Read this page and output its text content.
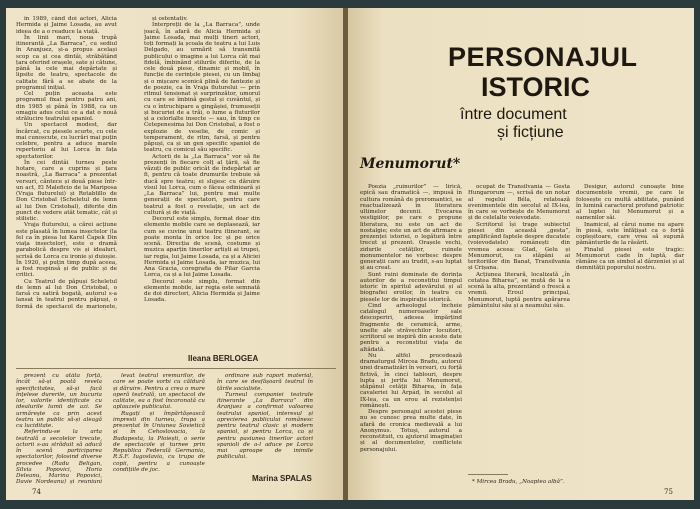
în 1989, când doi actori, Alicia Hermida și Jaime Losada, au avut ideea de a o readuce la viață.

În linii mari, noua trupă itinerantă „La Barraca”, cu sediul în Aranjuez, și-a propus același scop ca și cea dintâi, străbătând țara oferind orașele, sate și cătune, până la cele mai depărtate și lipsite de teatru, spectacole de calitate fără a se abate de la programul inițial.

Cel puțin aceasta este programul fixat pentru patru ani, din 1985 și până în 1988, ca un omagiu adus celui ce a dat o nouă strălucire teatrului spaniol.

Un spectacol modest, dar încărcat, cu piesele scurte, cu cele mai cunoscute, cu lucrări mai puțin celebre, pentru a aduce marele repertoriu al lui Lorca în fața spectatorilor.

În cei dintâi turneu peste hotare, care a cuprins și țara noastră, „La Barraca” a prezentat versuri, cântece și două piese într-un act, El Maleficio de la Mariposa (Vraja fluturelui) și Retablillo de Don Cristobal (Scheletul de lemn al lui Don Cristobal), diferite din punct de vedere atât tematic, cât și stilistic.

Vraja fluturelui, a cărei acțiune este plasată în lumea insectelor (la fel ca în piesa lui Karel Čapek Din viața insectelor), este o dramă parabolică despre vis și idealuri, scrisă de Lorca cu ironie și duioșie. În 1920, și puțin timp după aceea, a fost respinsă și de public și de critici.

Cu Teatrul de păpuși Scheletul de lemn al lui Don Cristobal, o farsă cu satiră bogată, autorul s-a lansat în teatrul pentru păpuși, o formă de spectacol de marionete,

și ostentativ.

Interpreții de la „La Barraca”, unde joacă, în afară de Alicia Hermida și Jaime Losada, mai mulți tineri actori, toți formați la școala de teatru a lui Luis Delgado, au urmărit să transmită publicului o imagine a lui Lorca cât mai fidelă, îmbinând stilurile diferite, de la cele două piese, dinamic și mobil, în funcție de cerințele piesei, cu un limbaj și o mișcare scenică plină de fantezie și de poezie, ca în Vraja fluturelui — prin ritmul tensionat și surprinzător, umorul cu care se îmbină gestul și cuvântul, și cu o întruchipare a gingășiei, frumuseții și bucuriei de a trăi, o lume a fluturilor și a celorlalte insecte — sau, în timp ce Cetepenesima lui Don Cristobal, a fost o explozie de veselie, de comic și temperament, de ritm, farsă, și pentru păpuși, ca și un gen specific spaniol de teatru, cu comicul său specific.

Actorii de la „La Barraca” vor să fie prezenți în fiecare colț al țării, să fie văzuți de public oricât de îndepărtat ar fi, pentru că toate drumurile trebuie să ducă spre teatru; ei slujesc cu dăruire visul lui Lorca, cum o făcea odinioară și „La Barraca” lui, pentru mai multe generații de spectatori, pentru care teatrul a fost o revelație, un act de cultură și de viață.

Decorul este simplu, format doar din elemente mobile care se deplasează, iar cum se cuvine unui teatru itinerant, se poate monta în orice loc și pe orice scenă. Direcția de scenă, costume și muzica aparțin tinerilor artiști ai trupei, iar regia, lui Jaime Losada, ca și a Aliciei Hermida și Jaime Losada, iar muzica, lui Ana Gracia, coregrafia de Pilar Garcia Lorca, ca și a lui Jaime Losada.

Decorul este simplu, format din elemente mobile, iar regia este semnată de doi directori, Alicia Hermida și Jaime Losada.

Ileana BERLOGEA

prezent cu atâta forță, încât să-și poată revela specificitatea, să-și facă înțelese durerile, un bucuria lor, valorile identificate cu idealurile lumii de azi. Se urmărește ca prin acest teatru un public să-și aleagă cu luciditate.

Referindu-se la arta teatrală a secolelor trecute, actorii s-au străduit să aducă în scenă participarea spectatorilor, folosind diverse procedee (Radu Beligan, Silvia Popovici, Horia Deleanu, Marina Popovici, Davie Nordeanu) și reuniuni

levat teatrul vremurilor, de care se poate vorbi cu căldură și dăruire. Pentru a crea o mare operă teatrală, un spectacol de calitate, ea a fost încoronată cu aplauzele publicului.

Rugați și împărtășească impresii din turneu, trupa a prezentat în Uniunea Sovietică și în Cehoslovacia, la Budapesta, la Ploiești, o serie de spectacole și turnee prin Republica Federală Germania, R.S.F. Iugoslavia, cu trupa de copii, pentru a cunoaște condițiile de joc.

ordinare sub raport material, în care se desfășoară teatrul în țările socialiste.

Turneul companiei teatrale itinerante „La Barraca” din Aranjuez a confirmat valoarea teatrului spaniol, interesul și aprecierea publicului românesc pentru teatrul clasic și modern spaniol, și pentru Lorca, ca și pentru pasiunea tinerilor actori spanioli de a-l aduce pe Lorca mai aproape de inimile publicului.

Marina SPALAS
74
PERSONAJUL
ISTORIC
între document
și ficțiune
Menumorut*

Poezia „ruinurilor” — lirică, epică sau dramatică —, impusă în cultura română de preromantici, se reactualizează în literatura ultimelor decenii. Evocarea vestigiilor, pe care o propune literatura, nu este un act de nostalgie; este un act de afirmare a prezenței istoriei, o legătură între trecut și prezent. Orașele vechi, zidurile cetăților, ruinele monumentelor ne vorbesc despre generații care au trudit, s-au luptat și au creat.

Sunt ruini dominate de dorința autorilor de a reconstitui timpul istoric în spiritul adevărului și al biografiei eroilor, în teatru cu piesele lor de inspirație istorică.

Cind arheologul încheie catalogul numeroaselor sale descoperiri, adesea împărțind fragmente de ceramică, arme, unelte ale străvechilor locuitori, scriitorul se inspiră din aceste date pentru a reconstitui viața de altădată.

Nu altfel procedează dramaturgul Mircea Bradu, autorul unei dramatizări în versuri, cu forță fictivă, în cinci tablouri, despre lupta și jertfa lui Menumorut, stăpânul cetății Biharea, în fața cavaleriei lui Árpád, în secolul al IX-lea, ca un erou al rezistenței românești.

Despre personajul acestei piese nu se cunosc prea multe date, în afară de cronica medievală a lui Anonymus. Totuși, autorul a reconstituit, cu ajutorul imaginației și al documentelor, conflictele personajului.

ocupat de Transilvania — Gesta Hungarorum —, scrisă de un notar al regelui Béla, relatează evenimentele din secolul al IX-lea, în care se vorbește de Menumorut și de celelalte voievodate.

Scriitorul își trage subiectul piesei din această „gesta”, amplificând faptele despre ducatele (voievodatele) românești din vremea aceea: Glad, Gelu și Menumorut, ca stăpâni ai teritoriilor din Banat, Transilvania și Crișana.

Acțiunea literară, localizată „în cetatea Biharea”, se mută de la o scenă la alta, prezentând o frescă a vremii. Eroul principal, Menumorut, luptă pentru apărarea pământului său și a neamului său.

Desigur, autorul cunoaște bine documentele vremii, pe care le folosește cu multă abilitate, punând în lumină caracterul profund patriotic al luptei lui Menumorut și a oamenilor săi.

Inamicul, al cărui nume nu apare în piesă, este înfățișat ca o forță copleșitoare, care vrea să supună pământurile de la răsărit.

Finalul piesei este tragic: Menumorut cade în luptă, dar rămâne ca un simbol al dârzeniei și al demnității poporului nostru.

* Mircea Bradu, „Noaptea albă”.
75
